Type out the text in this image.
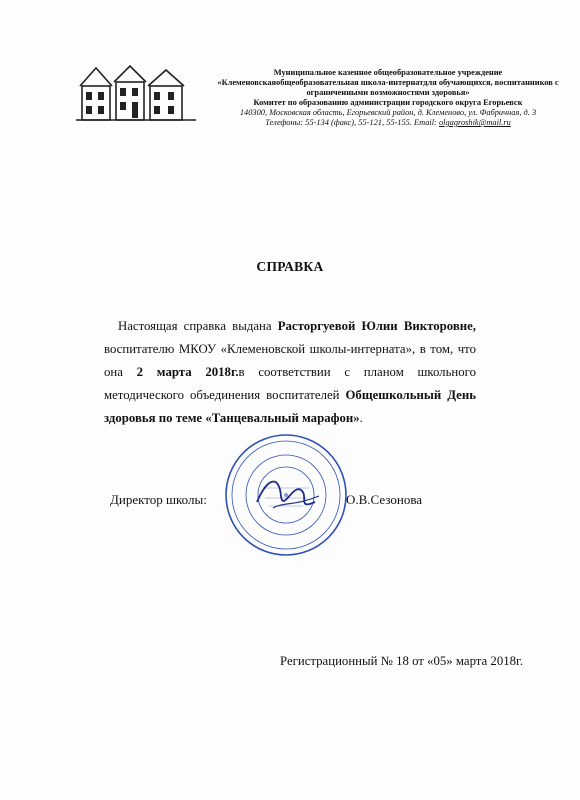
Муниципальное казенное общеобразовательное учреждение
«Клеменовскаяобщеобразовательная школа-интернатдля обучающихся, воспитанников с
ограниченными возможностями здоровья»
Комитет по образованию администрации городского округа Егорьевск
140300, Московская область, Егорьевский район, д. Клеменово, ул. Фабричная, д. 3
Телефоны: 55-134 (факс), 55-121, 55-155. Email: olgagroshik@mail.ru
СПРАВКА
Настоящая справка выдана Расторгуевой Юлии Викторовне, воспитателю МКОУ «Клеменовской школы-интерната», в том, что она 2 марта 2018г.в соответствии с планом школьного методического объединения воспитателей Общешкольный День здоровья по теме «Танцевальный марафон».
Директор школы:	О.В.Сезонова
Регистрационный № 18 от «05» марта 2018г.
